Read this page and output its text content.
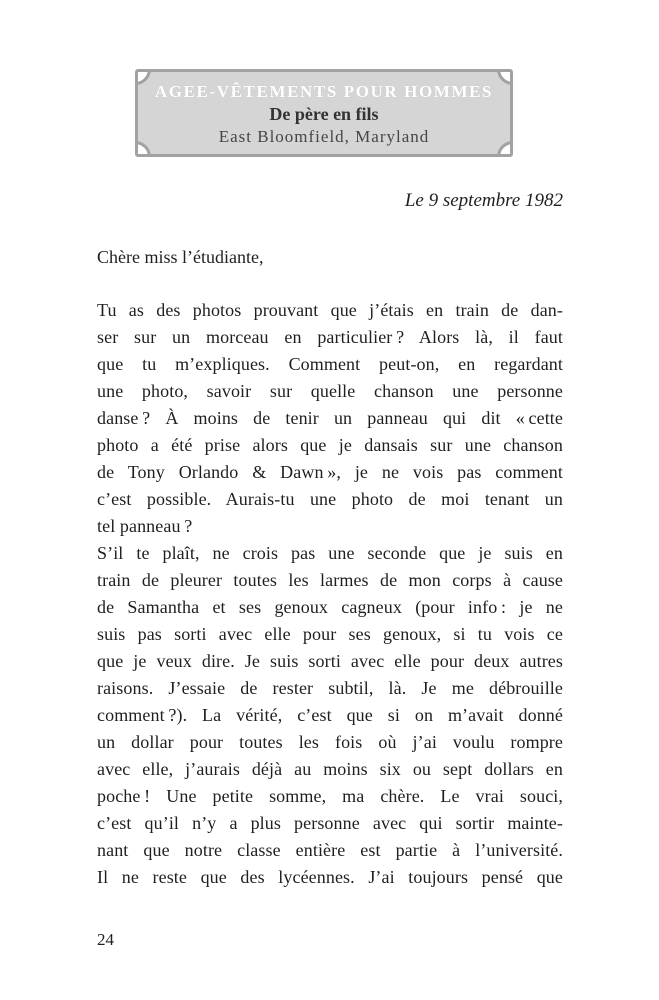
AGEE-VÊTEMENTS POUR HOMMES
De père en fils
East Bloomfield, Maryland
Le 9 septembre 1982
Chère miss l’étudiante,
Tu as des photos prouvant que j’étais en train de dan-
ser sur un morceau en particulier ? Alors là, il faut
que tu m’expliques. Comment peut-on, en regardant
une photo, savoir sur quelle chanson une personne
danse ? À moins de tenir un panneau qui dit « cette
photo a été prise alors que je dansais sur une chanson
de Tony Orlando & Dawn », je ne vois pas comment
c’est possible. Aurais-tu une photo de moi tenant un
tel panneau ?
S’il te plaît, ne crois pas une seconde que je suis en
train de pleurer toutes les larmes de mon corps à cause
de Samantha et ses genoux cagneux (pour info : je ne
suis pas sorti avec elle pour ses genoux, si tu vois ce
que je veux dire. Je suis sorti avec elle pour deux autres
raisons. J’essaie de rester subtil, là. Je me débrouille
comment ?). La vérité, c’est que si on m’avait donné
un dollar pour toutes les fois où j’ai voulu rompre
avec elle, j’aurais déjà au moins six ou sept dollars en
poche ! Une petite somme, ma chère. Le vrai souci,
c’est qu’il n’y a plus personne avec qui sortir mainte-
nant que notre classe entière est partie à l’université.
Il ne reste que des lycéennes. J’ai toujours pensé que
24
